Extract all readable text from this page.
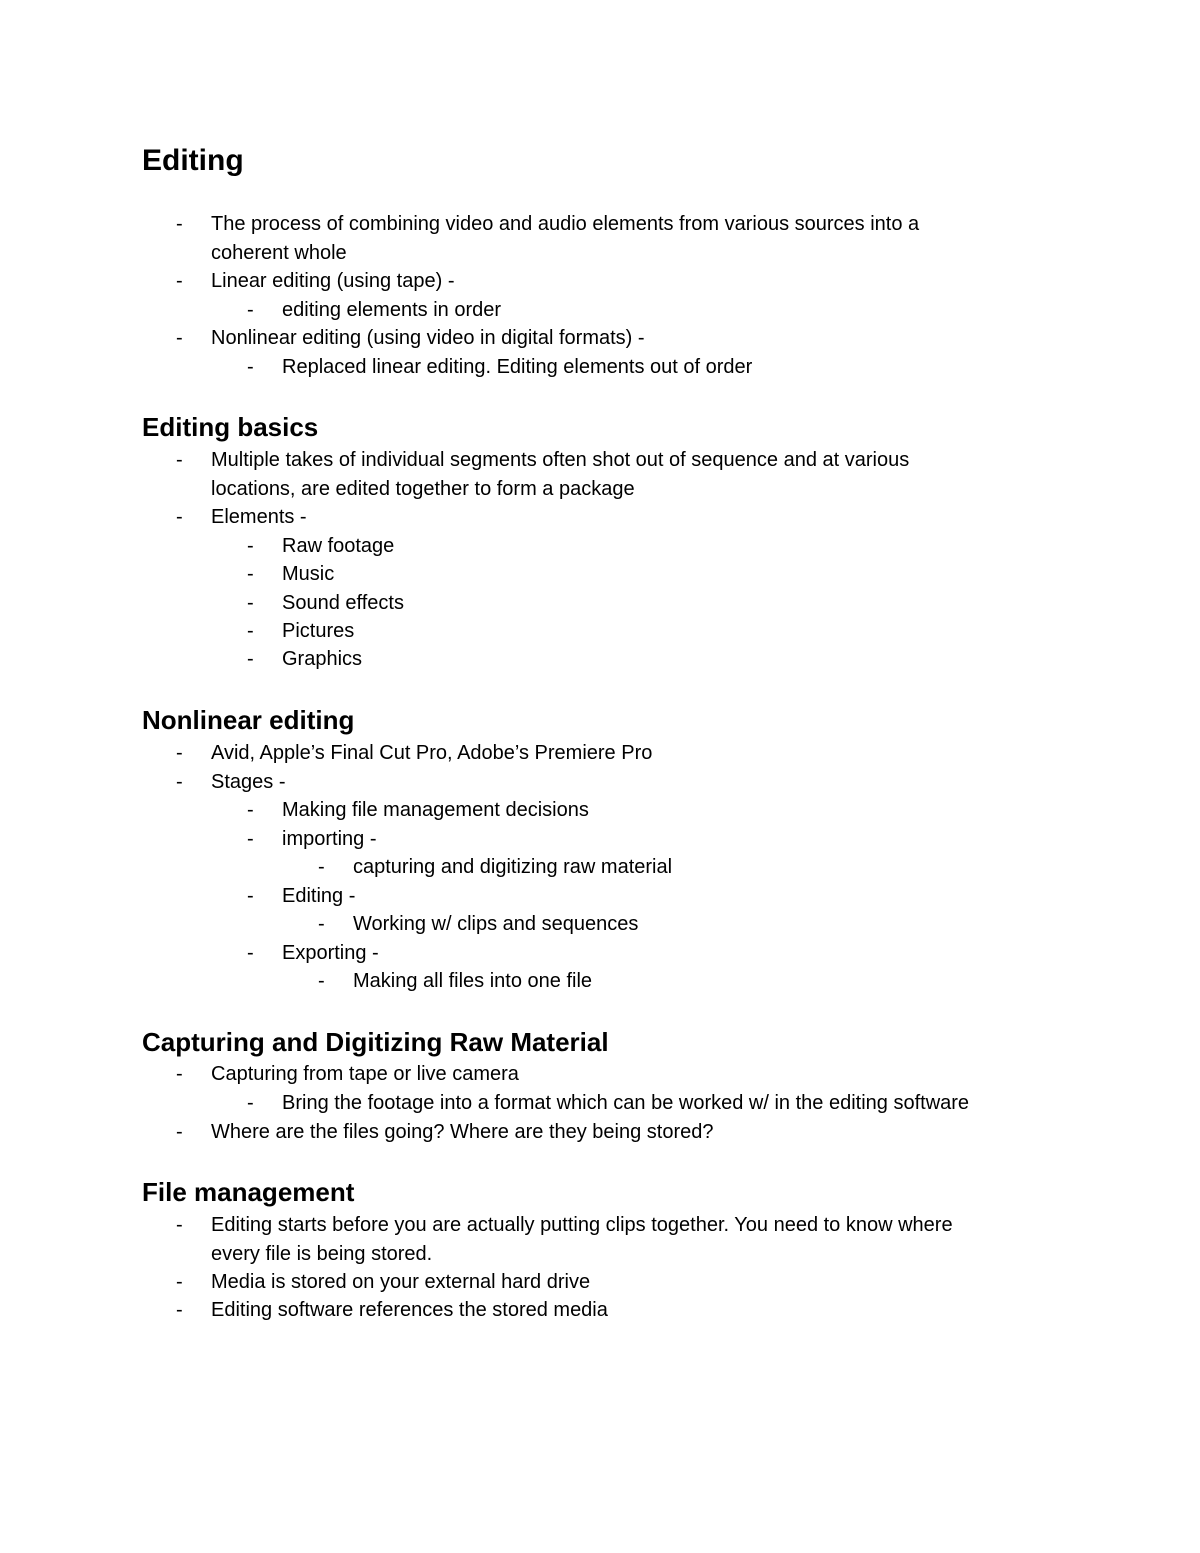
Editing
- The process of combining video and audio elements from various sources into a
coherent whole
- Linear editing (using tape) -
- editing elements in order
- Nonlinear editing (using video in digital formats) -
- Replaced linear editing. Editing elements out of order
Editing basics
- Multiple takes of individual segments often shot out of sequence and at various
locations, are edited together to form a package
- Elements -
- Raw footage
- Music
- Sound effects
- Pictures
- Graphics
Nonlinear editing
- Avid, Apple’s Final Cut Pro, Adobe’s Premiere Pro
- Stages -
- Making file management decisions
- importing -
- capturing and digitizing raw material
- Editing -
- Working w/ clips and sequences
- Exporting -
- Making all files into one file
Capturing and Digitizing Raw Material
- Capturing from tape or live camera
- Bring the footage into a format which can be worked w/ in the editing software
- Where are the files going? Where are they being stored?
File management
- Editing starts before you are actually putting clips together. You need to know where
every file is being stored.
- Media is stored on your external hard drive
- Editing software references the stored media
